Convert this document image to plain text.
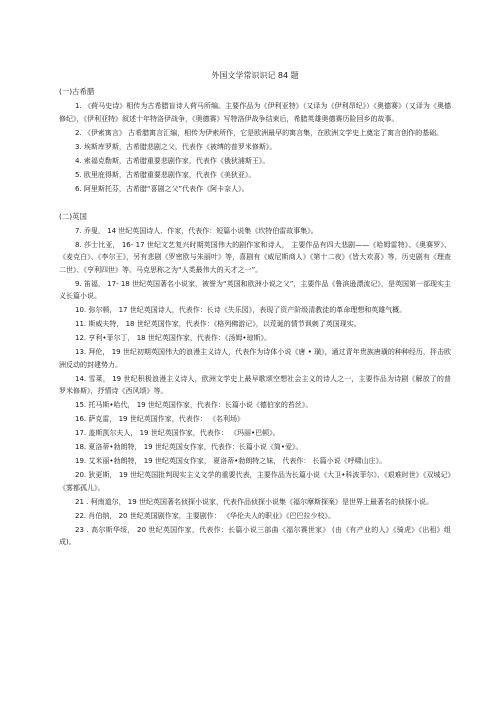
外国文学常识识记 84 题
(一)古希腊

1. 《荷马史诗》相传为古希腊盲诗人荷马所编。主要作品为《伊利亚特》（又译为《伊利昂纪》）《奥德赛》（又译为《奥德修纪》，《伊利亚特》叙述十年特洛伊战争，《奥德赛》写特洛伊战争结束后，希腊英雄奥德赛历险回乡的故事。

2. 《伊索寓言》 古希腊寓言汇编，相传为伊索所作，它是欧洲最早的寓言集，在欧洲文学史上奠定了寓言创作的基础。

3. 埃斯库罗斯，古希腊悲剧之父，代表作《被缚的普罗米修斯》。

4. 索福克勒斯，古希腊重要悲剧作家，代表作《俄狄浦斯王》。

5. 欧里庇得斯，古希腊重要悲剧作家，代表作《美狄亚》。

6. 阿里斯托芬，古希腊“喜剧之父”代表作《阿卡奈人》。

(二)英国

7. 乔叟， 14 世纪英国诗人、作家，代表作：短篇小说集《坎特伯雷故事集》。

8. 莎士比亚， 16- 17 世纪文艺复兴时期英国伟大的剧作家和诗人， 主要作品有四大悲剧——《哈姆雷特》、《奥赛罗》、《麦克白》、《李尔王》，另有悲剧《罗密欧与朱丽叶》等，喜剧有《威尼斯商人》《第十二夜》《皆大欢喜》等，历史剧有《理查二世》、《亨利四世》等。马克思称之为“人类最伟大的天才之一”。

9. 笛福， 17- 18 世纪英国著名小说家，被誉为“英国和欧洲小说之父”，主要作品《鲁滨逊漂流记》，是英国第一部现实主义长篇小说。

10. 弥尔顿， 17 世纪英国诗人，代表作：长诗《失乐园》，表现了资产阶级清教徒的革命理想和英雄气概。

11. 斯威夫特， 18 世纪英国作家，代表作：《格列佛游记》，以荒诞的情节讽刺了英国现实。

12. 亨利•菲尔丁， 18 世纪英国作家，代表作：《汤姆•琼斯》。

13. 拜伦， 19 世纪初期英国伟大的浪漫主义诗人，代表作为诗体小说《唐 • 璜》，通过青年贵族唐璜的种种经历，抨击欧洲反动的封建势力。

14. 雪莱， 19 世纪积极浪漫主义诗人，欧洲文学史上最早歌颂空想社会主义的诗人之一，主要作品为诗剧《解放了的普罗米修斯》，抒情诗《西风颂》等。

15. 托马斯•哈代， 19 世纪英国作家，代表作：长篇小说《德伯家的苔丝》。

16. 萨克雷， 19 世纪英国作家，代表作： 《名利场》

17. 盖斯凯尔夫人， 19 世纪英国作家，代表作： 《玛丽•巴顿》。

18. 夏洛蒂•勃朗特， 19 世纪英国女作家，代表作：长篇小说《简•爱》。

19. 艾米丽•勃朗特， 19 世纪英国女作家， 夏洛蒂•勃朗特之妹， 代表作： 长篇小说《呼啸山庄》。

20. 狄更斯， 19 世纪英国批判现实主义文学的重要代表，主要作品为长篇小说《大卫•科波菲尔》、《艰难时世》《双城记》《雾都孤儿》。

21 . 柯南道尔， 19 世纪英国著名侦探小说家，代表作品侦探小说集《福尔摩斯探案》是世界上最著名的侦探小说。

22. 肖伯纳， 20 世纪英国剧作家，主要剧作： 《华伦夫人的职业》《巴巴拉少校》。

23 . 高尔斯华绥， 20 世纪英国作家，代表作：长篇小说三部曲《福尔赛世家》 (由《有产业的人》《骑虎》《出租》组成)。
